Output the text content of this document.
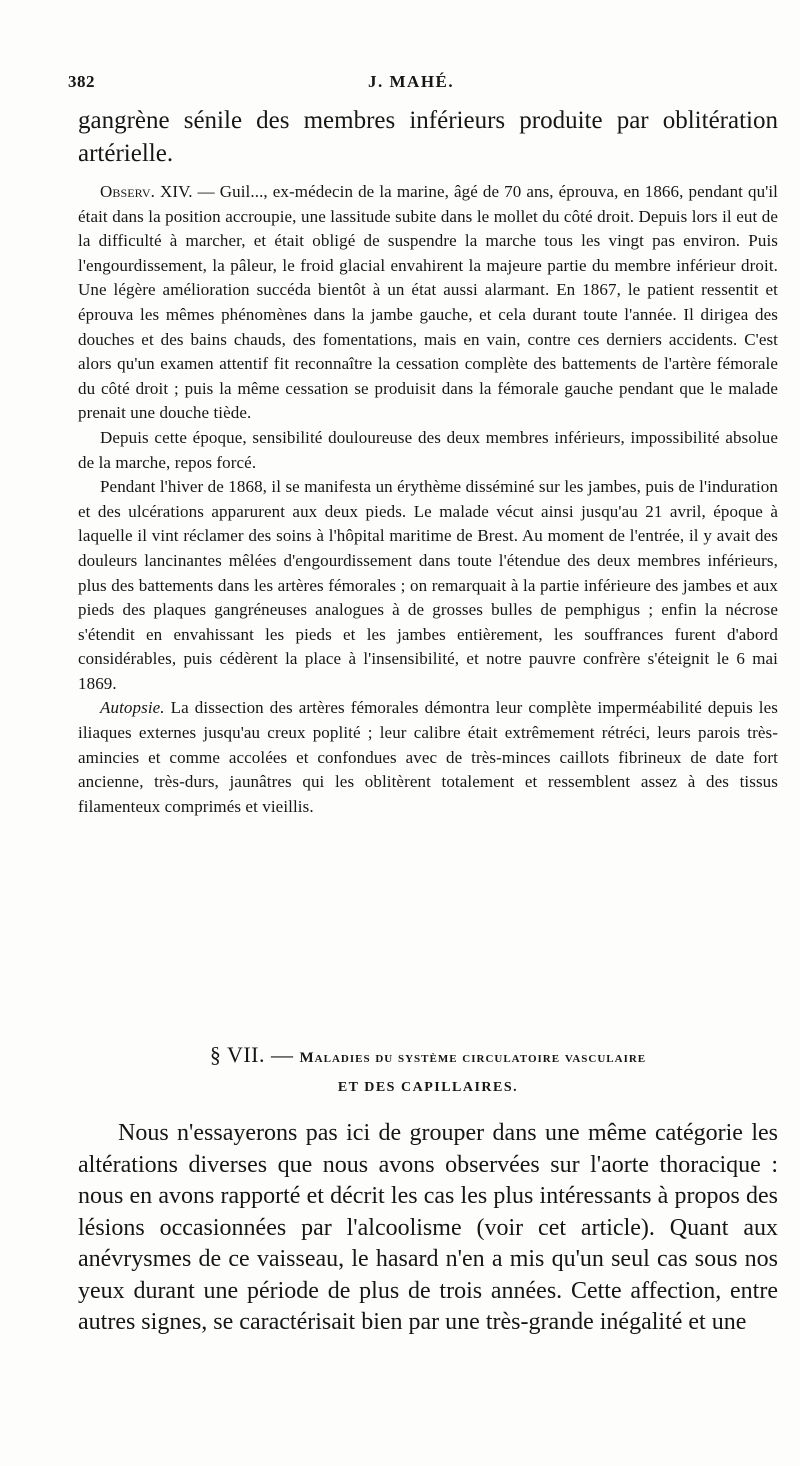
382	J. MAHÉ.

gangrène sénile des membres inférieurs produite par oblitération artérielle.

Observ. XIV. — Guil..., ex-médecin de la marine, âgé de 70 ans, éprouva, en 1866, pendant qu'il était dans la position accroupie, une lassitude subite dans le mollet du côté droit. Depuis lors il eut de la difficulté à marcher, et était obligé de suspendre la marche tous les vingt pas environ. Puis l'engourdissement, la pâleur, le froid glacial envahirent la majeure partie du membre inférieur droit. Une légère amélioration succéda bientôt à un état aussi alarmant. En 1867, le patient ressentit et éprouva les mêmes phénomènes dans la jambe gauche, et cela durant toute l'année. Il dirigea des douches et des bains chauds, des fomentations, mais en vain, contre ces derniers accidents. C'est alors qu'un examen attentif fit reconnaître la cessation complète des battements de l'artère fémorale du côté droit ; puis la même cessation se produisit dans la fémorale gauche pendant que le malade prenait une douche tiède.

Depuis cette époque, sensibilité douloureuse des deux membres inférieurs, impossibilité absolue de la marche, repos forcé.

Pendant l'hiver de 1868, il se manifesta un érythème disséminé sur les jambes, puis de l'induration et des ulcérations apparurent aux deux pieds. Le malade vécut ainsi jusqu'au 21 avril, époque à laquelle il vint réclamer des soins à l'hôpital maritime de Brest. Au moment de l'entrée, il y avait des douleurs lancinantes mêlées d'engourdissement dans toute l'étendue des deux membres inférieurs, plus des battements dans les artères fémorales ; on remarquait à la partie inférieure des jambes et aux pieds des plaques gangréneuses analogues à de grosses bulles de pemphigus ; enfin la nécrose s'étendit en envahissant les pieds et les jambes entièrement, les souffrances furent d'abord considérables, puis cédèrent la place à l'insensibilité, et notre pauvre confrère s'éteignit le 6 mai 1869.

Autopsie. La dissection des artères fémorales démontra leur complète imperméabilité depuis les iliaques externes jusqu'au creux poplité ; leur calibre était extrêmement rétréci, leurs parois très-amincies et comme accolées et confondues avec de très-minces caillots fibrineux de date fort ancienne, très-durs, jaunâtres qui les oblitèrent totalement et ressemblent assez à des tissus filamenteux comprimés et vieillis.

§ VII. — Maladies du système circulatoire vasculaire
ET DES CAPILLAIRES.

Nous n'essayerons pas ici de grouper dans une même catégorie les altérations diverses que nous avons observées sur l'aorte thoracique : nous en avons rapporté et décrit les cas les plus intéressants à propos des lésions occasionnées par l'alcoolisme (voir cet article). Quant aux anévrysmes de ce vaisseau, le hasard n'en a mis qu'un seul cas sous nos yeux durant une période de plus de trois années. Cette affection, entre autres signes, se caractérisait bien par une très-grande inégalité et une
